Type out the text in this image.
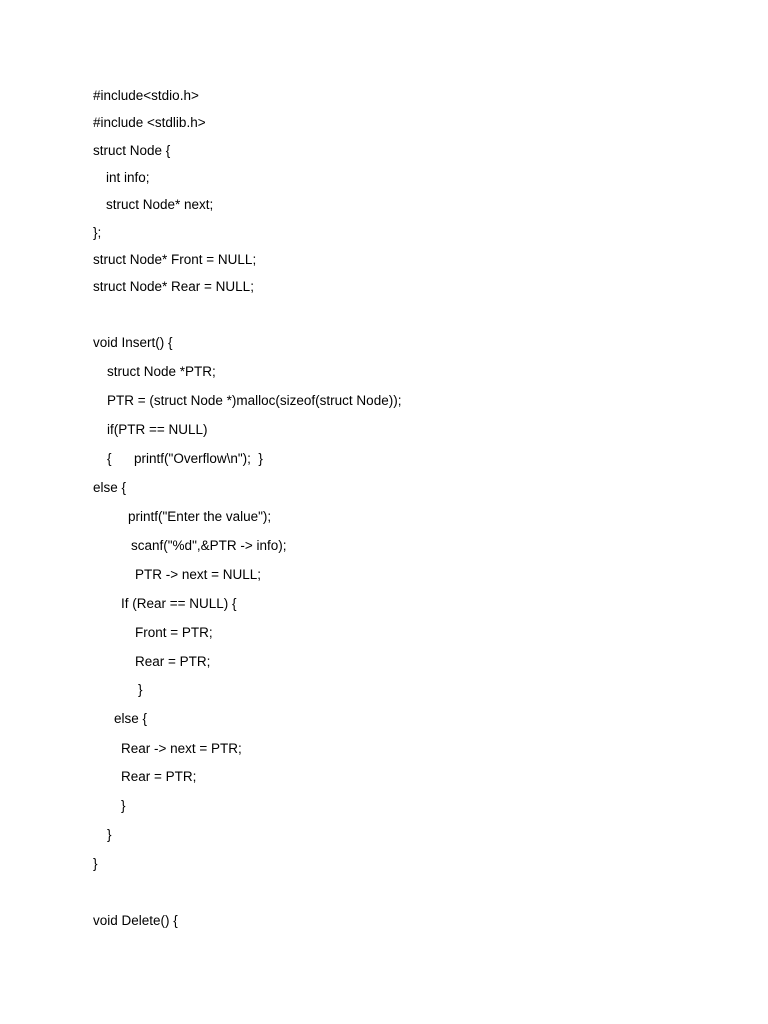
#include<stdio.h>
#include <stdlib.h>
struct Node {
int info;
struct Node* next;
};
struct Node* Front = NULL;
struct Node* Rear = NULL;
void Insert() {
struct Node *PTR;
PTR = (struct Node *)malloc(sizeof(struct Node));
if(PTR == NULL)
{      printf("Overflow\n");  }
else {
printf("Enter the value");
scanf("%d",&PTR -> info);
PTR -> next = NULL;
If (Rear == NULL) {
Front = PTR;
Rear = PTR;
}
else {
Rear -> next = PTR;
Rear = PTR;
}
}
}
void Delete() {
